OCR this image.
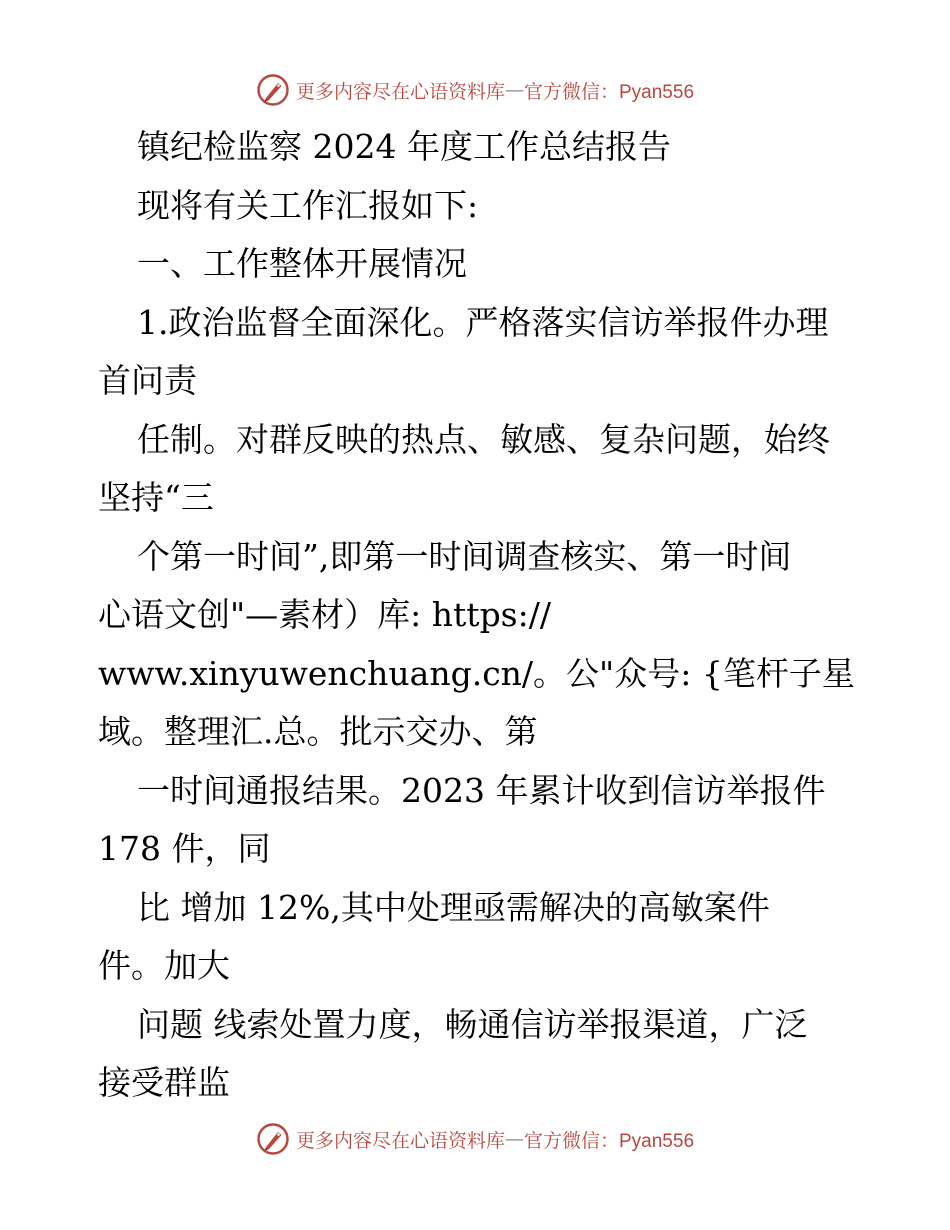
更多内容尽在心语资料库 — 官方微信：Pyan556
镇纪检监察 2024 年度工作总结报告
现将有关工作汇报如下:
一、工作整体开展情况
1.政治监督全面深化。严格落实信访举报件办理
首问责
任制。对群反映的热点、敏感、复杂问题，始终
坚持“三
个第一时间”,即第一时间调查核实、第一时间
心语文创"—素材）库: https://
www.xinyuwenchuang.cn/。公"众号: {笔杆子星
域。整理汇.总。批示交办、第
一时间通报结果。2023 年累计收到信访举报件
178 件，同
比 增加 12%,其中处理亟需解决的高敏案件
件。加大
问题 线索处置力度，畅通信访举报渠道，广泛
接受群监
更多内容尽在心语资料库 — 官方微信：Pyan556
